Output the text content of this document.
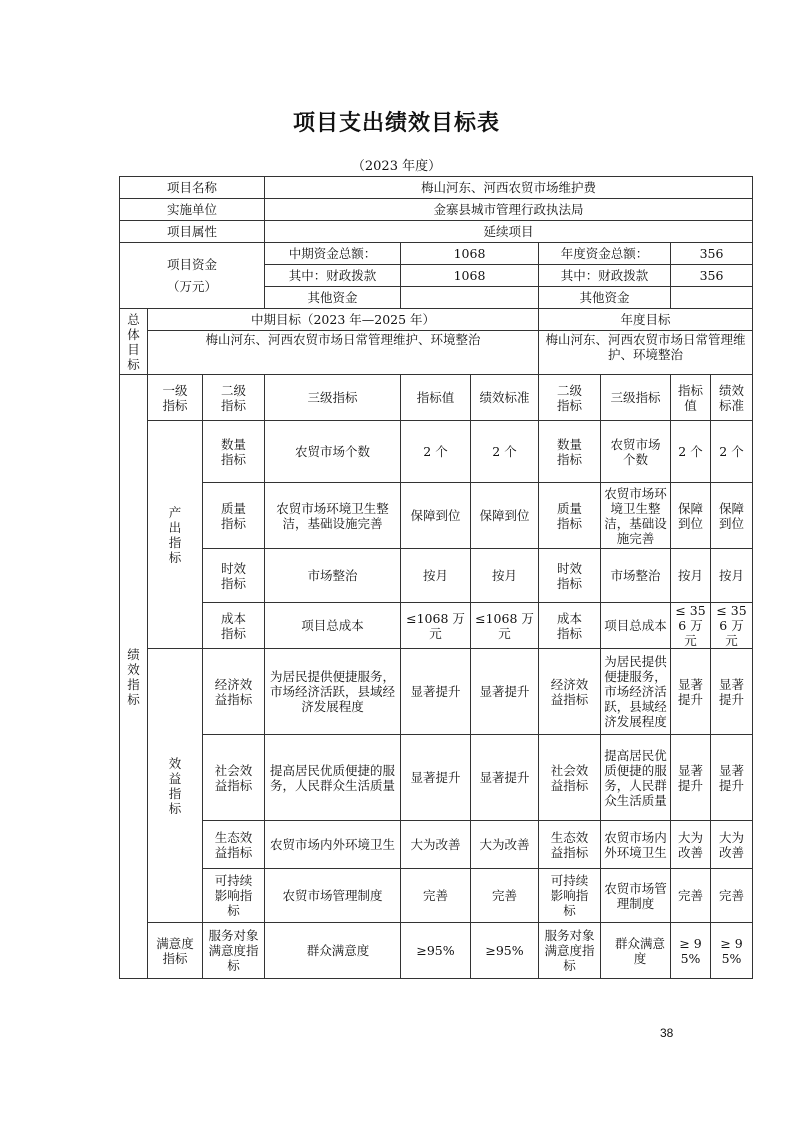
项目支出绩效目标表
（2023 年度）
项目名称			梅山河东、河西农贸市场维护费						
实施单位			金寨县城市管理行政执法局						
项目属性			延续项目						

项目资金
（万元）			中期资金总额：	1068		年度资金总额：		356	
			其中：财政拨款	1068		其中：财政拨款		356	
			其他资金			其他资金			
总体目标	中期目标（2023 年—2025 年）					年度目标			
	梅山河东、河西农贸市场日常管理维护、环境整治					梅山河东、河西农贸市场日常管理维护、环境整治			

绩效指标	一级指标	二级指标	三级指标	指标值	绩效标准	二级指标	三级指标	指标值	绩效标准

	产出指标	数量指标	农贸市场个数	2 个	2 个	数量指标	农贸市场个数	2 个	2 个
		质量指标	农贸市场环境卫生整洁，基础设施完善	保障到位	保障到位	质量指标	农贸市场环境卫生整洁，基础设施完善	保障到位	保障到位
		时效指标	市场整治	按月	按月	时效指标	市场整治	按月	按月
		成本指标	项目总成本	≤1068 万元	≤1068 万元	成本指标	项目总成本	≤ 356 万元	≤ 356 万元

	效益指标	经济效益指标	为居民提供便捷服务，市场经济活跃，县域经济发展程度	显著提升	显著提升	经济效益指标	为居民提供便捷服务，市场经济活跃，县域经济发展程度	显著提升	显著提升
		社会效益指标	提高居民优质便捷的服务，人民群众生活质量	显著提升	显著提升	社会效益指标	提高居民优质便捷的服务，人民群众生活质量	显著提升	显著提升
		生态效益指标	农贸市场内外环境卫生	大为改善	大为改善	生态效益指标	农贸市场内外环境卫生	大为改善	大为改善
		可持续影响指标	农贸市场管理制度	完善	完善	可持续影响指标	农贸市场管理制度	完善	完善
	满意度指标	服务对象满意度指标	群众满意度	≥95%	≥95%	服务对象满意度指标	群众满意度	≥ 95%	≥ 95%
38
